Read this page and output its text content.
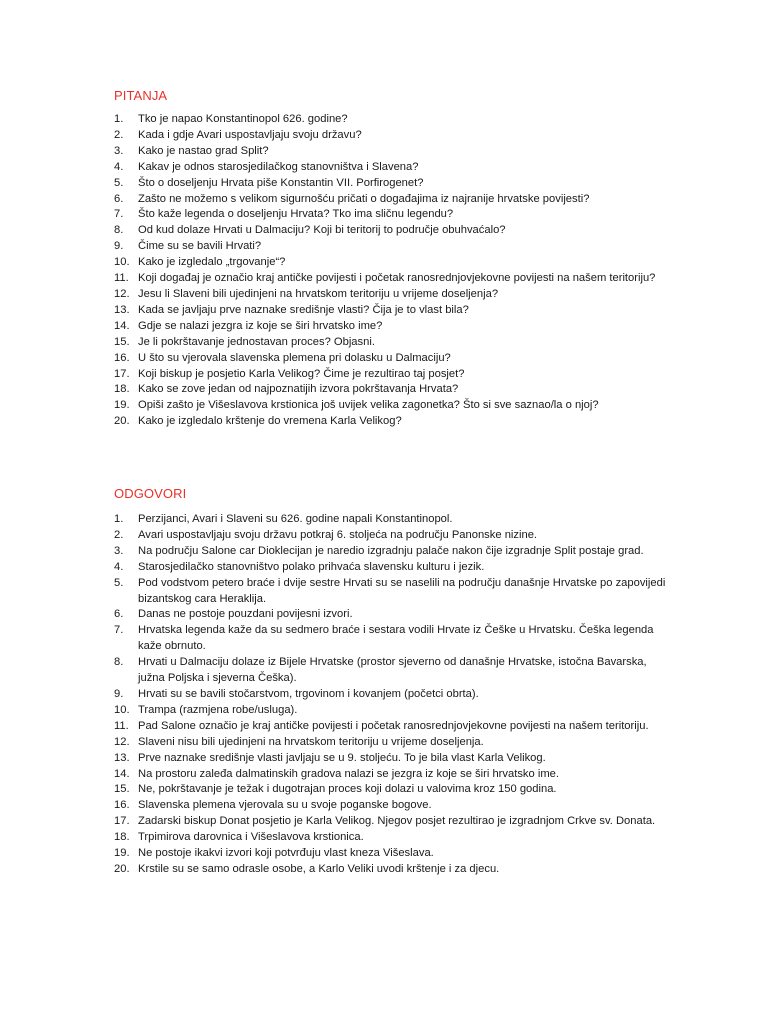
PITANJA
1.	Tko je napao Konstantinopol 626. godine?
2.	Kada i gdje Avari uspostavljaju svoju državu?
3.	Kako je nastao grad Split?
4.	Kakav je odnos starosjedilačkog stanovništva i Slavena?
5.	Što o doseljenju Hrvata piše Konstantin VII. Porfirogenet?
6.	Zašto ne možemo s velikom sigurnošću pričati o događajima iz najranije hrvatske povijesti?
7.	Što kaže legenda o doseljenju Hrvata? Tko ima sličnu legendu?
8.	Od kud dolaze Hrvati u Dalmaciju? Koji bi teritorij to područje obuhvaćalo?
9.	Čime su se bavili Hrvati?
10. Kako je izgledalo „trgovanje“?
11. Koji događaj je označio kraj antičke povijesti i početak ranosrednjovjekovne povijesti na našem teritoriju?
12. Jesu li Slaveni bili ujedinjeni na hrvatskom teritoriju u vrijeme doseljenja?
13. Kada se javljaju prve naznake središnje vlasti? Čija je to vlast bila?
14. Gdje se nalazi jezgra iz koje se širi hrvatsko ime?
15. Je li pokrštavanje jednostavan proces? Objasni.
16. U što su vjerovala slavenska plemena pri dolasku u Dalmaciju?
17. Koji biskup je posjetio Karla Velikog? Čime je rezultirao taj posjet?
18. Kako se zove jedan od najpoznatijih izvora pokrštavanja Hrvata?
19. Opiši zašto je Višeslavova krstionica još uvijek velika zagonetka? Što si sve saznao/la o njoj?
20. Kako je izgledalo krštenje do vremena Karla Velikog?
ODGOVORI
1.	Perzijanci, Avari i Slaveni su 626. godine napali Konstantinopol.
2.	Avari uspostavljaju svoju državu potkraj 6. stoljeća na području Panonske nizine.
3.	Na području Salone car Dioklecijan je naredio izgradnju palače nakon čije izgradnje Split postaje grad.
4.	Starosjedilačko stanovništvo polako prihvaća slavensku kulturu i jezik.
5.	Pod vodstvom petero braće i dvije sestre Hrvati su se naselili na području današnje Hrvatske po zapovijedi bizantskog cara Heraklija.
6.	Danas ne postoje pouzdani povijesni izvori.
7.	Hrvatska legenda kaže da su sedmero braće i sestara vodili Hrvate iz Češke u Hrvatsku. Češka legenda kaže obrnuto.
8.	Hrvati u Dalmaciju dolaze iz Bijele Hrvatske (prostor sjeverno od današnje Hrvatske, istočna Bavarska, južna Poljska i sjeverna Češka).
9.	Hrvati su se bavili stočarstvom, trgovinom i kovanjem (početci obrta).
10. Trampa (razmjena robe/usluga).
11. Pad Salone označio je kraj antičke povijesti i početak ranosrednjovjekovne povijesti na našem teritoriju.
12. Slaveni nisu bili ujedinjeni na hrvatskom teritoriju u vrijeme doseljenja.
13. Prve naznake središnje vlasti javljaju se u 9. stoljeću. To je bila vlast Karla Velikog.
14. Na prostoru zaleđa dalmatinskih gradova nalazi se jezgra iz koje se širi hrvatsko ime.
15. Ne, pokrštavanje je težak i dugotrajan proces koji dolazi u valovima kroz 150 godina.
16. Slavenska plemena vjerovala su u svoje poganske bogove.
17. Zadarski biskup Donat posjetio je Karla Velikog. Njegov posjet rezultirao je izgradnjom Crkve sv. Donata.
18. Trpimirova darovnica i Višeslavova krstionica.
19. Ne postoje ikakvi izvori koji potvrđuju vlast kneza Višeslava.
20. Krstile su se samo odrasle osobe, a Karlo Veliki uvodi krštenje i za djecu.
